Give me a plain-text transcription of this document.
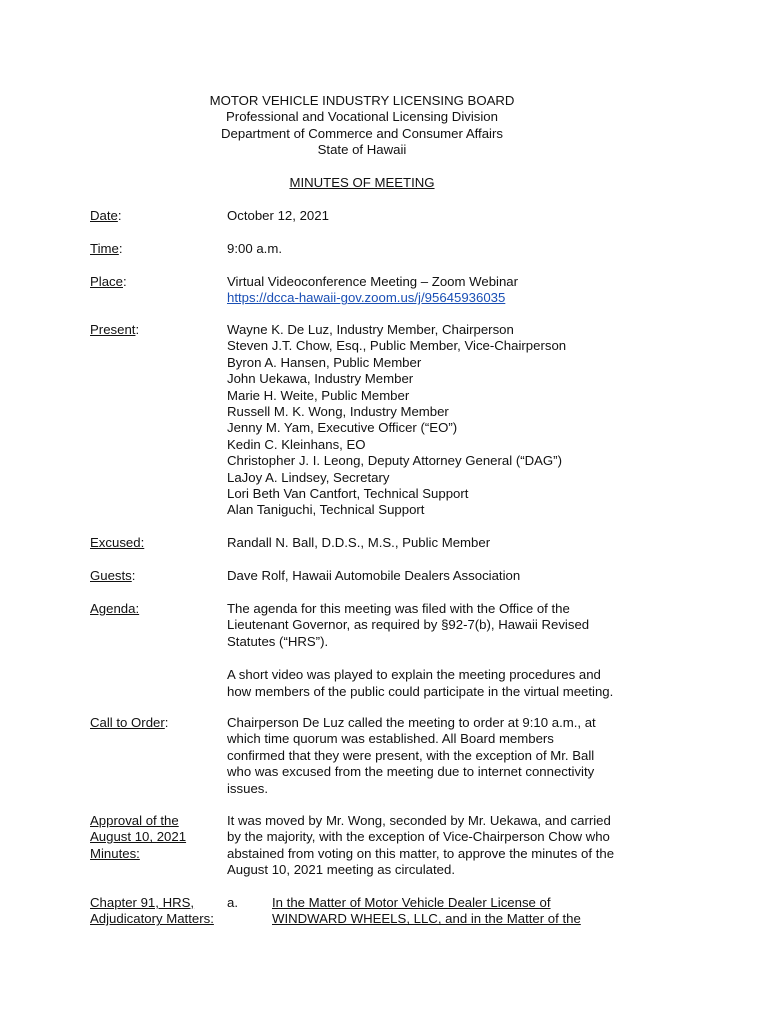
MOTOR VEHICLE INDUSTRY LICENSING BOARD
Professional and Vocational Licensing Division
Department of Commerce and Consumer Affairs
State of Hawaii
MINUTES OF MEETING
Date:	October 12, 2021
Time:	9:00 a.m.
Place:	Virtual Videoconference Meeting – Zoom Webinar
https://dcca-hawaii-gov.zoom.us/j/95645936035
Present:	Wayne K. De Luz, Industry Member, Chairperson
Steven J.T. Chow, Esq., Public Member, Vice-Chairperson
Byron A. Hansen, Public Member
John Uekawa, Industry Member
Marie H. Weite, Public Member
Russell M. K. Wong, Industry Member
Jenny M. Yam, Executive Officer (“EO”)
Kedin C. Kleinhans, EO
Christopher J. I. Leong, Deputy Attorney General (“DAG”)
LaJoy A. Lindsey, Secretary
Lori Beth Van Cantfort, Technical Support
Alan Taniguchi, Technical Support
Excused:	Randall N. Ball, D.D.S., M.S., Public Member
Guests:	Dave Rolf, Hawaii Automobile Dealers Association
Agenda:	The agenda for this meeting was filed with the Office of the
Lieutenant Governor, as required by §92-7(b), Hawaii Revised
Statutes (“HRS”).
A short video was played to explain the meeting procedures and
how members of the public could participate in the virtual meeting.
Call to Order:	Chairperson De Luz called the meeting to order at 9:10 a.m., at
which time quorum was established. All Board members
confirmed that they were present, with the exception of Mr. Ball
who was excused from the meeting due to internet connectivity
issues.
Approval of the
August 10, 2021
Minutes:
It was moved by Mr. Wong, seconded by Mr. Uekawa, and carried
by the majority, with the exception of Vice-Chairperson Chow who
abstained from voting on this matter, to approve the minutes of the
August 10, 2021 meeting as circulated.
Chapter 91, HRS,
Adjudicatory Matters:
a.	In the Matter of Motor Vehicle Dealer License of
WINDWARD WHEELS, LLC, and in the Matter of the
